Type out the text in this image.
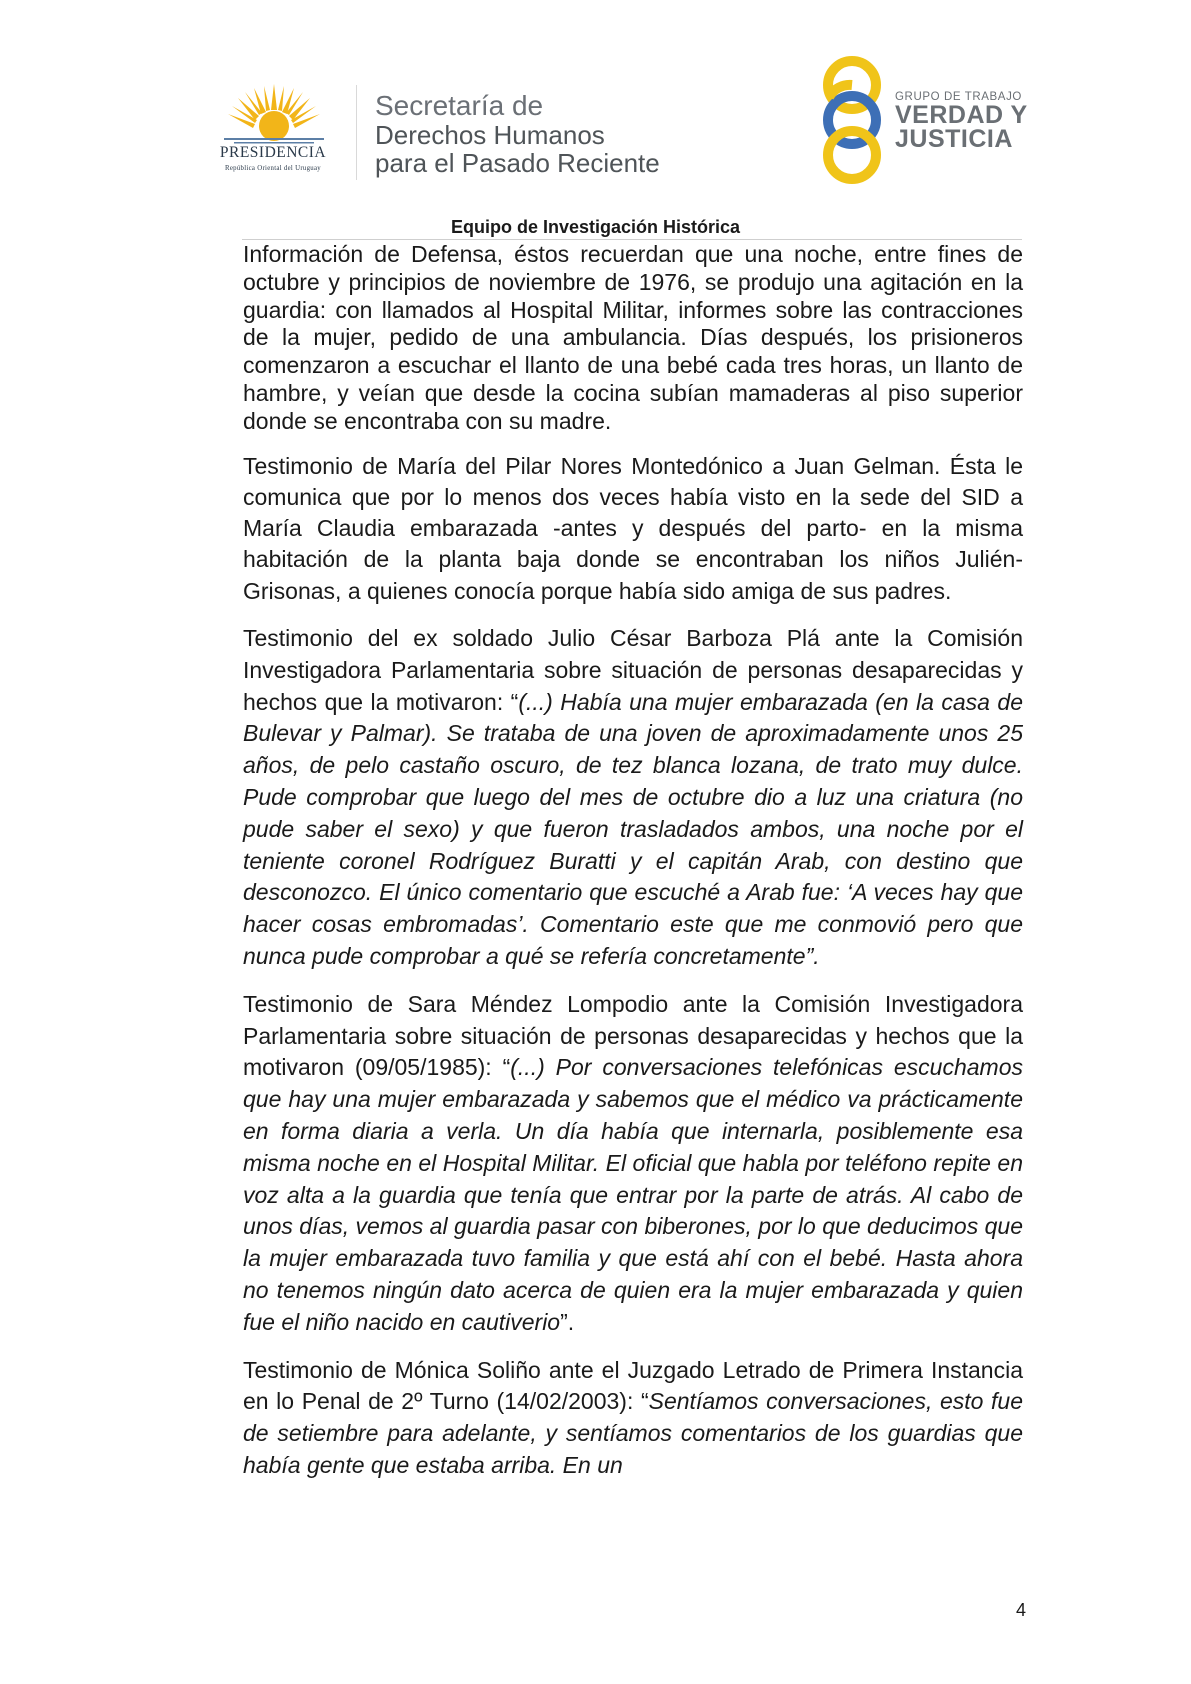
PRESIDENCIA
República Oriental del Uruguay
Secretaría de
Derechos Humanos
para el Pasado Reciente
GRUPO DE TRABAJO
VERDAD Y
JUSTICIA
Equipo de Investigación Histórica

Información de Defensa, éstos recuerdan que una noche, entre fines de octubre y principios de noviembre de 1976, se produjo una agitación en la guardia: con llamados al Hospital Militar, informes sobre las contracciones de la mujer, pedido de una ambulancia. Días después, los prisioneros comenzaron a escuchar el llanto de una bebé cada tres horas, un llanto de hambre, y veían que desde la cocina subían mamaderas al piso superior donde se encontraba con su madre.

Testimonio de María del Pilar Nores Montedónico a Juan Gelman. Ésta le comunica que por lo menos dos veces había visto en la sede del SID a María Claudia embarazada -antes y después del parto- en la misma habitación de la planta baja donde se encontraban los niños Julién-Grisonas, a quienes conocía porque había sido amiga de sus padres.

Testimonio del ex soldado Julio César Barboza Plá ante la Comisión Investigadora Parlamentaria sobre situación de personas desaparecidas y hechos que la motivaron: “(...) Había una mujer embarazada (en la casa de Bulevar y Palmar). Se trataba de una joven de aproximadamente unos 25 años, de pelo castaño oscuro, de tez blanca lozana, de trato muy dulce. Pude comprobar que luego del mes de octubre dio a luz una criatura (no pude saber el sexo) y que fueron trasladados ambos, una noche por el teniente coronel Rodríguez Buratti y el capitán Arab, con destino que desconozco. El único comentario que escuché a Arab fue: ‘A veces hay que hacer cosas embromadas’. Comentario este que me conmovió pero que nunca pude comprobar a qué se refería concretamente”.

Testimonio de Sara Méndez Lompodio ante la Comisión Investigadora Parlamentaria sobre situación de personas desaparecidas y hechos que la motivaron (09/05/1985): “(...) Por conversaciones telefónicas escuchamos que hay una mujer embarazada y sabemos que el médico va prácticamente en forma diaria a verla. Un día había que internarla, posiblemente esa misma noche en el Hospital Militar. El oficial que habla por teléfono repite en voz alta a la guardia que tenía que entrar por la parte de atrás. Al cabo de unos días, vemos al guardia pasar con biberones, por lo que deducimos que la mujer embarazada tuvo familia y que está ahí con el bebé. Hasta ahora no tenemos ningún dato acerca de quien era la mujer embarazada y quien fue el niño nacido en cautiverio”.

Testimonio de Mónica Soliño ante el Juzgado Letrado de Primera Instancia en lo Penal de 2º Turno (14/02/2003): “Sentíamos conversaciones, esto fue de setiembre para adelante, y sentíamos comentarios de los guardias que había gente que estaba arriba. En un

4
